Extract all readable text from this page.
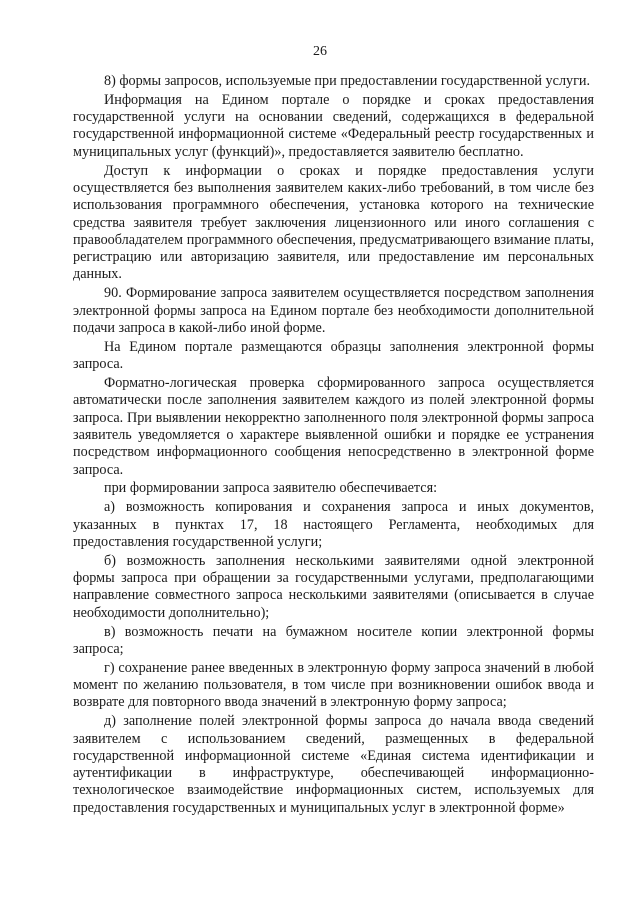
26

8) формы запросов, используемые при предоставлении государственной услуги.

Информация на Едином портале о порядке и сроках предоставления государственной услуги на основании сведений, содержащихся в федеральной государственной информационной системе «Федеральный реестр государственных и муниципальных услуг (функций)», предоставляется заявителю бесплатно.

Доступ к информации о сроках и порядке предоставления услуги осуществляется без выполнения заявителем каких-либо требований, в том числе без использования программного обеспечения, установка которого на технические средства заявителя требует заключения лицензионного или иного соглашения с правообладателем программного обеспечения, предусматривающего взимание платы, регистрацию или авторизацию заявителя, или предоставление им персональных данных.

90. Формирование запроса заявителем осуществляется посредством заполнения электронной формы запроса на Едином портале без необходимости дополнительной подачи запроса в какой-либо иной форме.

На Едином портале размещаются образцы заполнения электронной формы запроса.

Форматно-логическая проверка сформированного запроса осуществляется автоматически после заполнения заявителем каждого из полей электронной формы запроса. При выявлении некорректно заполненного поля электронной формы запроса заявитель уведомляется о характере выявленной ошибки и порядке ее устранения посредством информационного сообщения непосредственно в электронной форме запроса.

при формировании запроса заявителю обеспечивается:

а) возможность копирования и сохранения запроса и иных документов, указанных в пунктах 17, 18 настоящего Регламента, необходимых для предоставления государственной услуги;

б) возможность заполнения несколькими заявителями одной электронной формы запроса при обращении за государственными услугами, предполагающими направление совместного запроса несколькими заявителями (описывается в случае необходимости дополнительно);

в) возможность печати на бумажном носителе копии электронной формы запроса;

г) сохранение ранее введенных в электронную форму запроса значений в любой момент по желанию пользователя, в том числе при возникновении ошибок ввода и возврате для повторного ввода значений в электронную форму запроса;

д) заполнение полей электронной формы запроса до начала ввода сведений заявителем с использованием сведений, размещенных в федеральной государственной информационной системе «Единая система идентификации и аутентификации в инфраструктуре, обеспечивающей информационно-технологическое взаимодействие информационных систем, используемых для предоставления государственных и муниципальных услуг в электронной форме»
